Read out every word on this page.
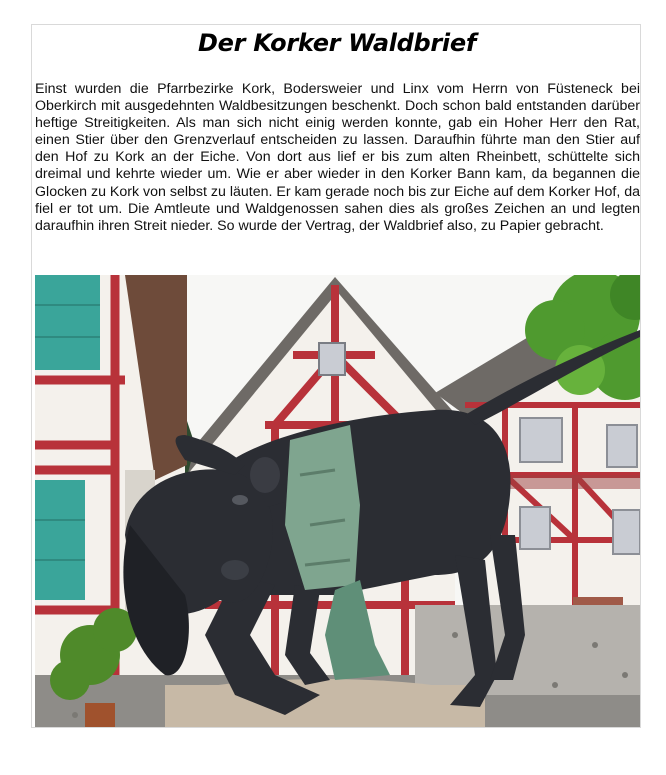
Der Korker Waldbrief
Einst wurden die Pfarrbezirke Kork, Bodersweier und Linx vom Herrn von Füsteneck bei Oberkirch mit ausgedehnten Waldbesitzungen beschenkt. Doch schon bald entstanden darüber heftige Streitigkeiten. Als man sich nicht einig werden konnte, gab ein Hoher Herr den Rat, einen Stier über den Grenzverlauf entscheiden zu lassen. Daraufhin führte man den Stier auf den Hof zu Kork an der Eiche. Von dort aus lief er bis zum alten Rheinbett, schüttelte sich dreimal und kehrte wieder um. Wie er aber wieder in den Korker Bann kam, da begannen die Glocken zu Kork von selbst zu läuten. Er kam gerade noch bis zur Eiche auf dem Korker Hof, da fiel er tot um. Die Amtleute und Waldgenossen sahen dies als großes Zeichen an und legten daraufhin ihren Streit nieder. So wurde der Vertrag, der Waldbrief also, zu Papier gebracht.
